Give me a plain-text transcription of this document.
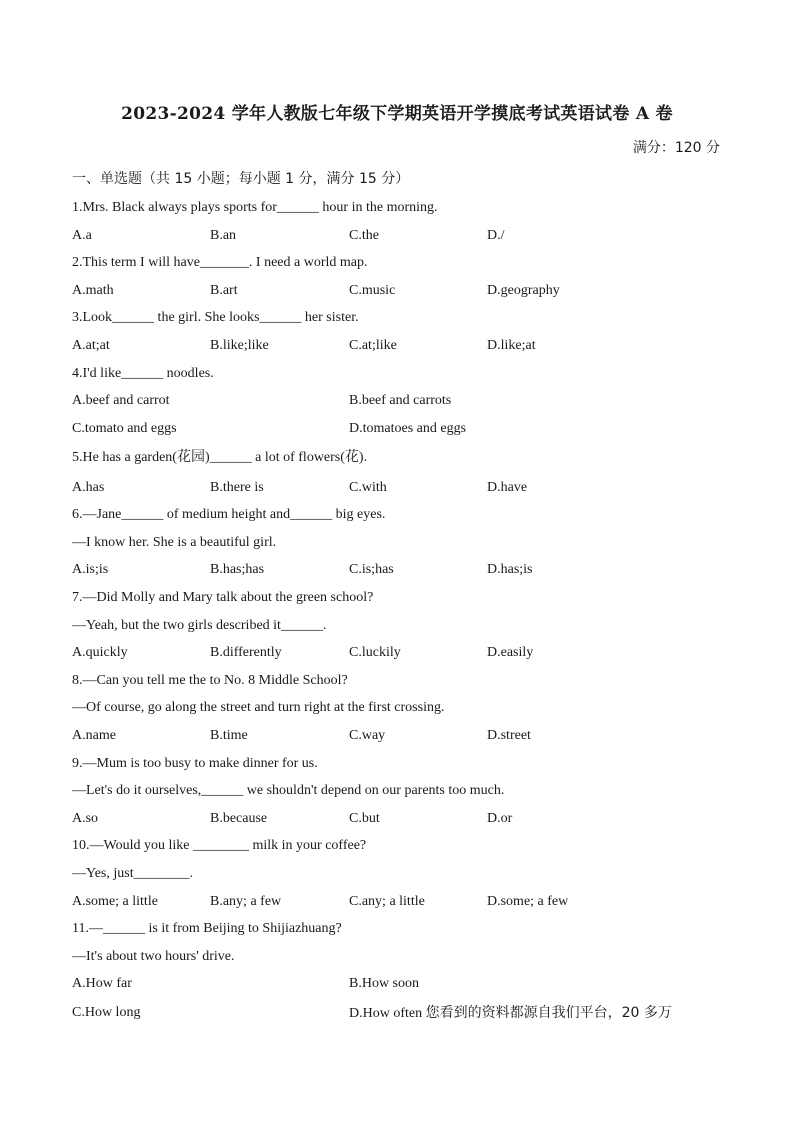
2023-2024 学年人教版七年级下学期英语开学摸底考试英语试卷 A 卷
满分：120 分
一、单选题（共 15 小题；每小题 1 分，满分 15 分）
1.Mrs. Black always plays sports for______ hour in the morning.
A.a	B.an	C.the	D./
2.This term I will have_______. I need a world map.
A.math	B.art	C.music	D.geography
3.Look______ the girl. She looks______ her sister.
A.at;at	B.like;like	C.at;like	D.like;at
4.I'd like______ noodles.
A.beef and carrot	B.beef and carrots
C.tomato and eggs	D.tomatoes and eggs
5.He has a garden(花园)______ a lot of flowers(花).
A.has	B.there is	C.with	D.have
6.—Jane______ of medium height and______ big eyes.
—I know her. She is a beautiful girl.
A.is;is	B.has;has	C.is;has	D.has;is
7.—Did Molly and Mary talk about the green school?
—Yeah, but the two girls described it______.
A.quickly	B.differently	C.luckily	D.easily
8.—Can you tell me the to No. 8 Middle School?
—Of course, go along the street and turn right at the first crossing.
A.name	B.time	C.way	D.street
9.—Mum is too busy to make dinner for us.
—Let's do it ourselves,______ we shouldn't depend on our parents too much.
A.so	B.because	C.but	D.or
10.—Would you like ________ milk in your coffee?
—Yes, just________.
A.some; a little	B.any; a few	C.any; a little	D.some; a few
11.—______ is it from Beijing to Shijiazhuang?
—It's about two hours' drive.
A.How far	B.How soon
C.How long	D.How often 您看到的资料都源自我们平台，20 多万
